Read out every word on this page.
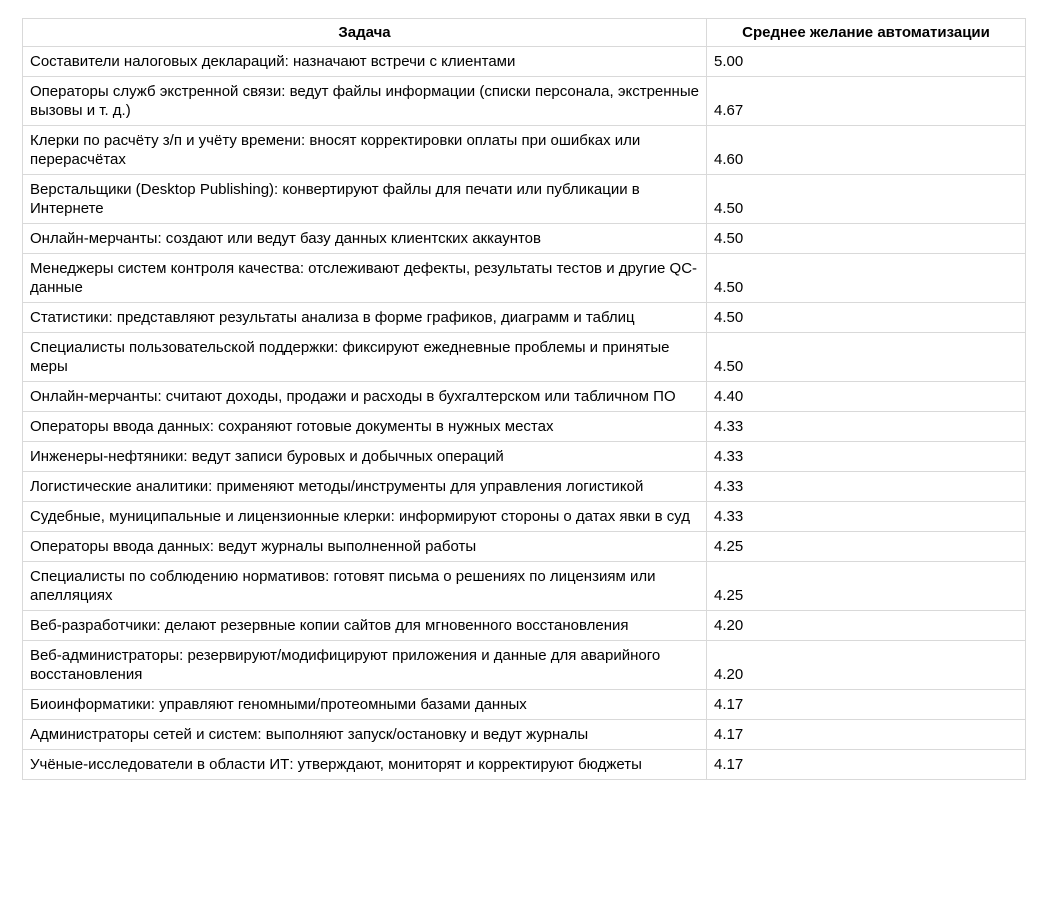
Задача	Среднее желание автоматизации
Составители налоговых деклараций: назначают встречи с клиентами	5.00
Операторы служб экстренной связи: ведут файлы информации (списки персонала, экстренные вызовы и т. д.)	4.67
Клерки по расчёту з/п и учёту времени: вносят корректировки оплаты при ошибках или перерасчётах	4.60
Верстальщики (Desktop Publishing): конвертируют файлы для печати или публикации в Интернете	4.50
Онлайн-мерчанты: создают или ведут базу данных клиентских аккаунтов	4.50
Менеджеры систем контроля качества: отслеживают дефекты, результаты тестов и другие QC-данные	4.50
Статистики: представляют результаты анализа в форме графиков, диаграмм и таблиц	4.50
Специалисты пользовательской поддержки: фиксируют ежедневные проблемы и принятые меры	4.50
Онлайн-мерчанты: считают доходы, продажи и расходы в бухгалтерском или табличном ПО	4.40
Операторы ввода данных: сохраняют готовые документы в нужных местах	4.33
Инженеры-нефтяники: ведут записи буровых и добычных операций	4.33
Логистические аналитики: применяют методы/инструменты для управления логистикой	4.33
Судебные, муниципальные и лицензионные клерки: информируют стороны о датах явки в суд	4.33
Операторы ввода данных: ведут журналы выполненной работы	4.25
Специалисты по соблюдению нормативов: готовят письма о решениях по лицензиям или апелляциях	4.25
Веб-разработчики: делают резервные копии сайтов для мгновенного восстановления	4.20
Веб-администраторы: резервируют/модифицируют приложения и данные для аварийного восстановления	4.20
Биоинформатики: управляют геномными/протеомными базами данных	4.17
Администраторы сетей и систем: выполняют запуск/остановку и ведут журналы	4.17
Учёные-исследователи в области ИТ: утверждают, мониторят и корректируют бюджеты	4.17
